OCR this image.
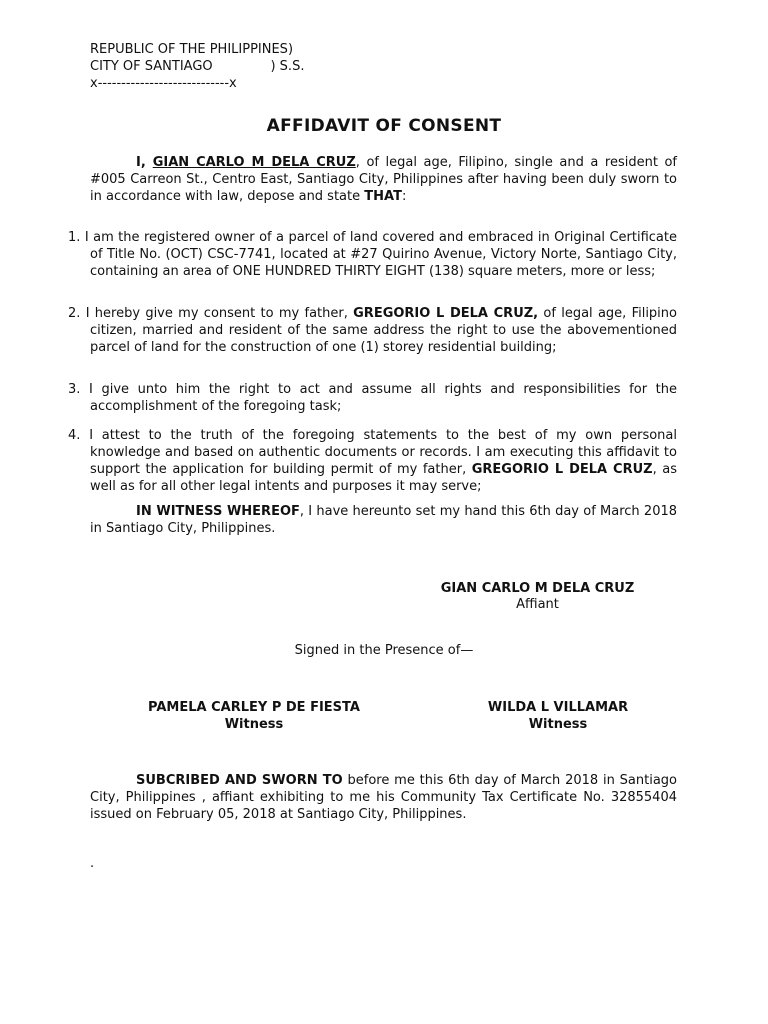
REPUBLIC OF THE PHILIPPINES)
CITY OF SANTIAGO              ) S.S.
x----------------------------x
AFFIDAVIT OF CONSENT
I, GIAN CARLO M DELA CRUZ, of legal age, Filipino, single and a resident of #005 Carreon St., Centro East, Santiago City, Philippines after having been duly sworn to in accordance with law, depose and state THAT:
1. I am the registered owner of a parcel of land covered and embraced in Original Certificate of Title No. (OCT) CSC-7741, located at #27 Quirino Avenue, Victory Norte, Santiago City, containing an area of ONE HUNDRED THIRTY EIGHT (138) square meters, more or less;
2. I hereby give my consent to my father, GREGORIO L DELA CRUZ, of legal age, Filipino citizen, married and resident of the same address the right to use the abovementioned parcel of land for the construction of one (1) storey residential building;
3. I give unto him the right to act and assume all rights and responsibilities for the accomplishment of the foregoing task;
4. I attest to the truth of the foregoing statements to the best of my own personal knowledge and based on authentic documents or records. I am executing this affidavit to support the application for building permit of my father, GREGORIO L DELA CRUZ, as well as for all other legal intents and purposes it may serve;
IN WITNESS WHEREOF, I have hereunto set my hand this 6th day of March 2018 in Santiago City, Philippines.
GIAN CARLO M DELA CRUZ
Affiant
Signed in the Presence of—
PAMELA CARLEY P DE FIESTA
Witness
WILDA L VILLAMAR
Witness
SUBCRIBED AND SWORN TO before me this 6th day of March 2018 in Santiago City, Philippines , affiant exhibiting to me his Community Tax Certificate No. 32855404 issued on February 05, 2018 at Santiago City, Philippines.
.
